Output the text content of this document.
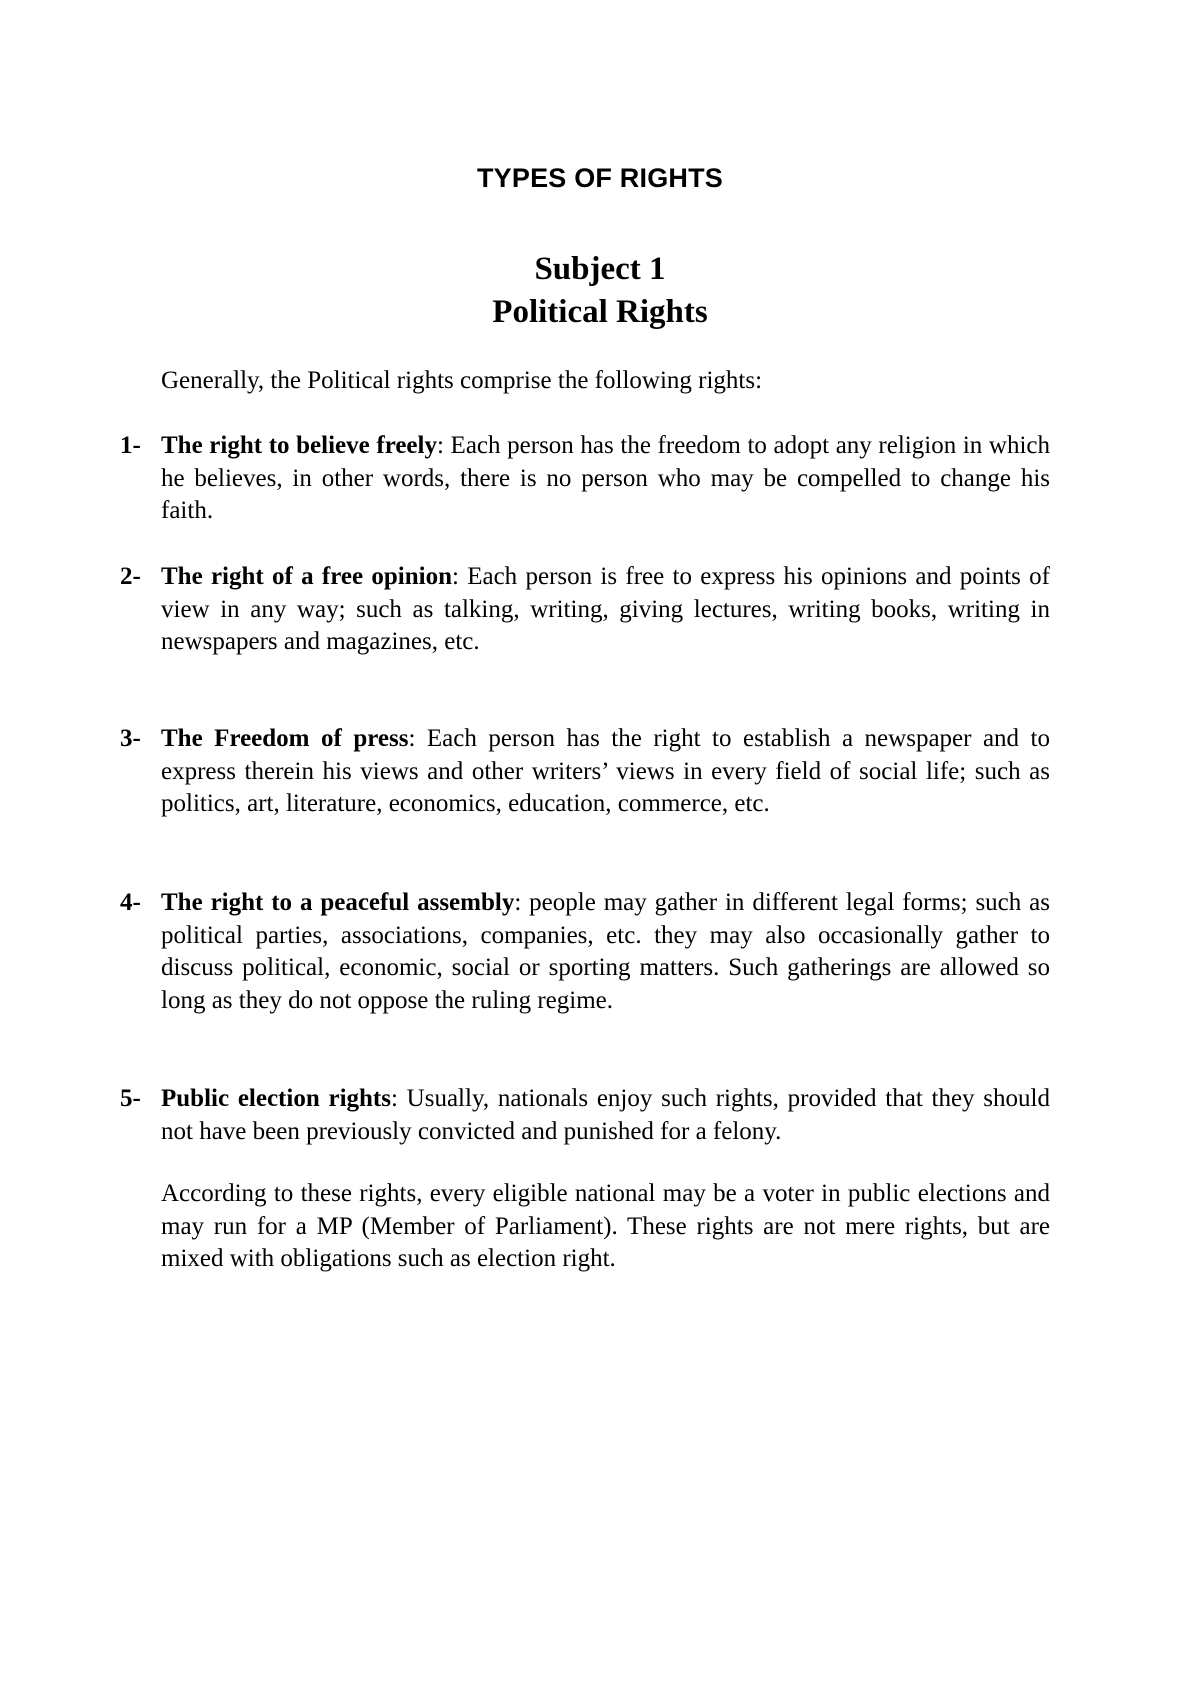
TYPES OF RIGHTS
Subject 1
Political Rights

Generally, the Political rights comprise the following rights:

1- The right to believe freely: Each person has the freedom to adopt any religion in which he believes, in other words, there is no person who may be compelled to change his faith.
2- The right of a free opinion: Each person is free to express his opinions and points of view in any way; such as talking, writing, giving lectures, writing books, writing in newspapers and magazines, etc.
3- The Freedom of press: Each person has the right to establish a newspaper and to express therein his views and other writers’ views in every field of social life; such as politics, art, literature, economics, education, commerce, etc.
4- The right to a peaceful assembly: people may gather in different legal forms; such as political parties, associations, companies, etc. they may also occasionally gather to discuss political, economic, social or sporting matters. Such gatherings are allowed so long as they do not oppose the ruling regime.
5- Public election rights: Usually, nationals enjoy such rights, provided that they should not have been previously convicted and punished for a felony.

According to these rights, every eligible national may be a voter in public elections and may run for a MP (Member of Parliament). These rights are not mere rights, but are mixed with obligations such as election right.
